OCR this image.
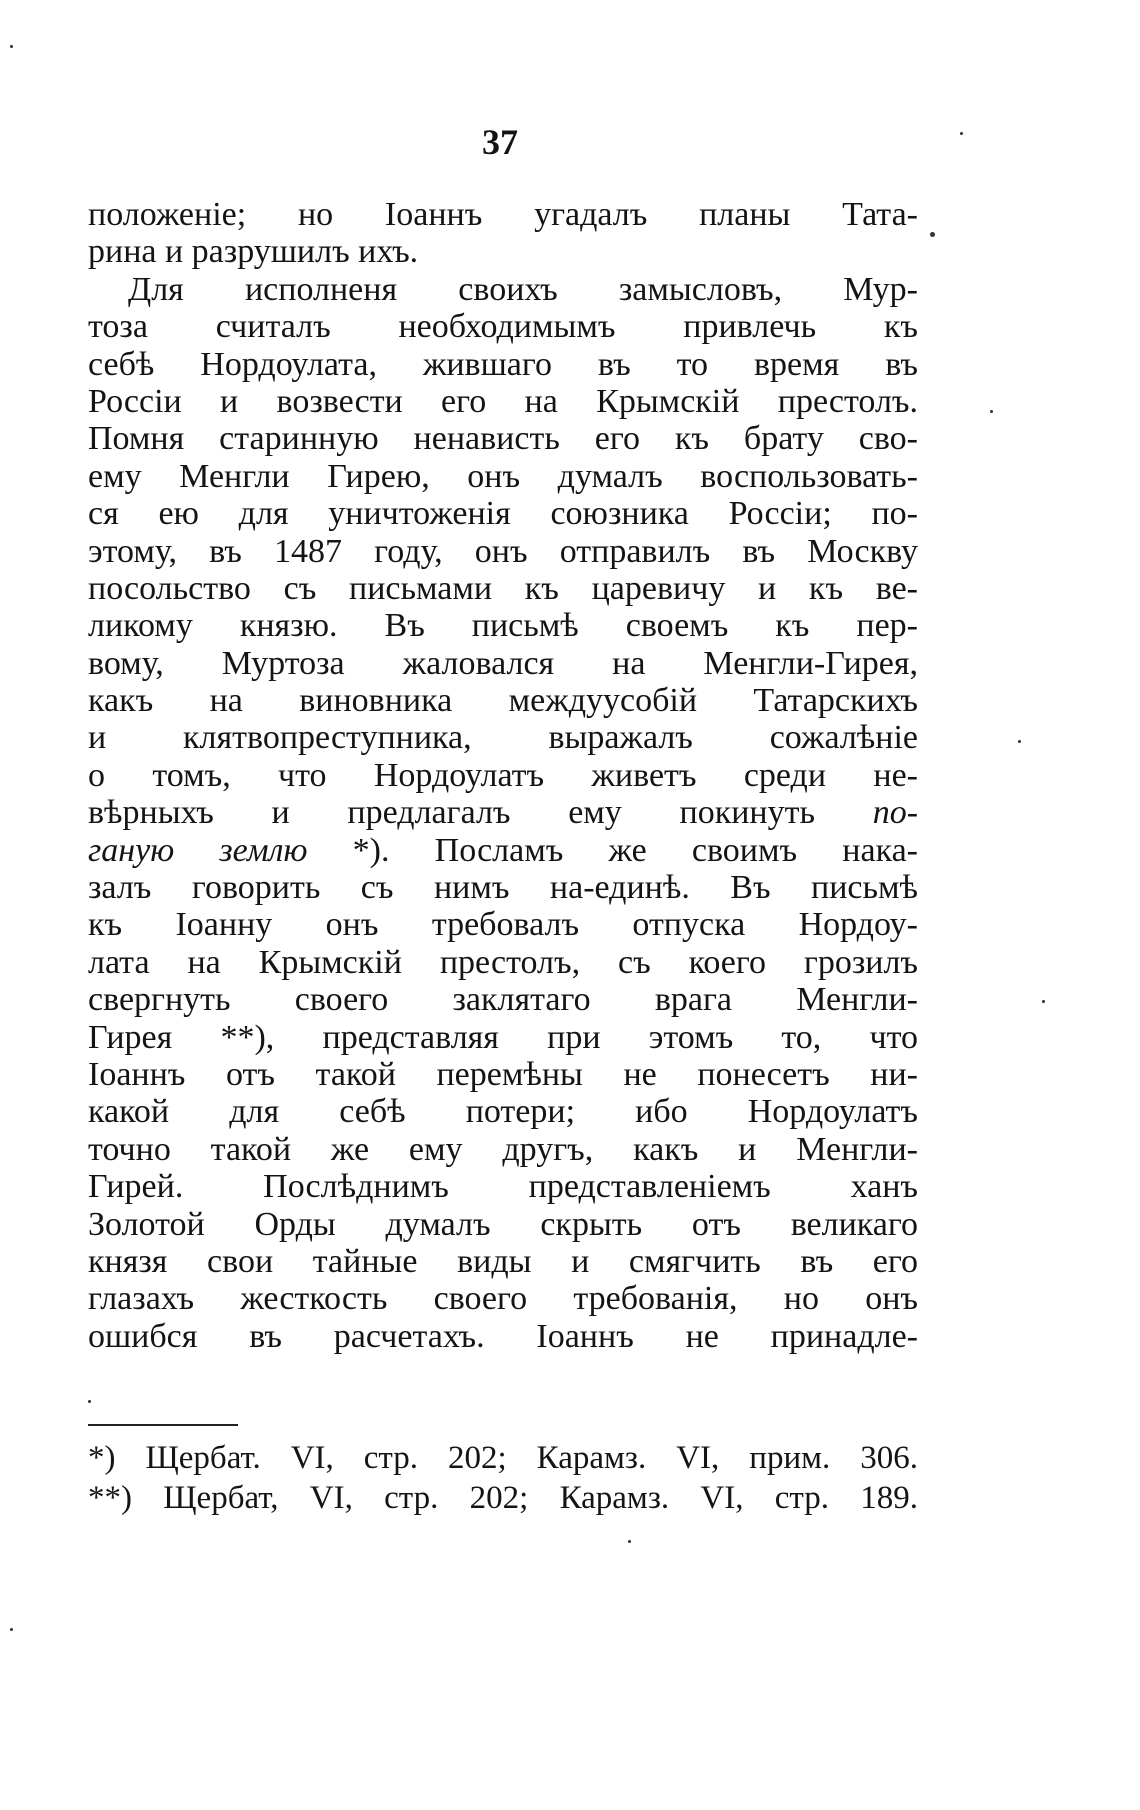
37
положеніе; но Іоаннъ угадалъ планы Тата-
рина и разрушилъ ихъ.
Для исполненя своихъ замысловъ, Мур-
тоза считалъ необходимымъ привлечь къ
себѣ Нордоулата, жившаго въ то время въ
Россіи и возвести его на Крымскій престолъ.
Помня старинную ненависть его къ брату сво-
ему Менгли Гирею, онъ думалъ воспользовать-
ся ею для уничтоженія союзника Россіи; по-
этому, въ 1487 году, онъ отправилъ въ Москву
посольство съ письмами къ царевичу и къ ве-
ликому князю. Въ письмѣ своемъ къ пер-
вому, Муртоза жаловался на Менгли-Гирея,
какъ на виновника междуусобій Татарскихъ
и клятвопреступника, выражалъ сожалѣніе
о томъ, что Нордоулатъ живетъ среди не-
вѣрныхъ и предлагалъ ему покинуть по-
ганую землю *). Посламъ же своимъ нака-
залъ говорить съ нимъ на-единѣ. Въ письмѣ
къ Іоанну онъ требовалъ отпуска Нордоу-
лата на Крымскій престолъ, съ коего грозилъ
свергнуть своего заклятаго врага Менгли-
Гирея **), представляя при этомъ то, что
Іоаннъ отъ такой перемѣны не понесетъ ни-
какой для себѣ потери; ибо Нордоулатъ
точно такой же ему другъ, какъ и Менгли-
Гирей. Послѣднимъ представленіемъ ханъ
Золотой Орды думалъ скрыть отъ великаго
князя свои тайные виды и смягчить въ его
глазахъ жесткость своего требованія, но онъ
ошибся въ расчетахъ. Іоаннъ не принадле-
*) Щербат. VI, стр. 202; Карамз. VI, прим. 306.
**) Щербат, VI, стр. 202; Карамз. VI, стр. 189.
